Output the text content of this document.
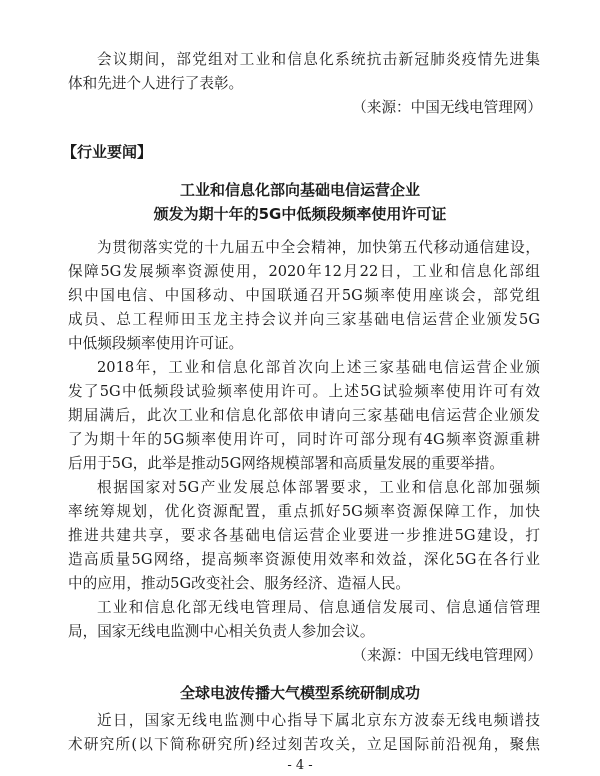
会议期间，部党组对工业和信息化系统抗击新冠肺炎疫情先进集
体和先进个人进行了表彰。
（来源：中国无线电管理网）
【行业要闻】
工业和信息化部向基础电信运营企业
颁发为期十年的5G中低频段频率使用许可证
为贯彻落实党的十九届五中全会精神，加快第五代移动通信建设，
保障5G发展频率资源使用，2020年12月22日，工业和信息化部组
织中国电信、中国移动、中国联通召开5G频率使用座谈会，部党组
成员、总工程师田玉龙主持会议并向三家基础电信运营企业颁发5G
中低频段频率使用许可证。
2018年，工业和信息化部首次向上述三家基础电信运营企业颁
发了5G中低频段试验频率使用许可。上述5G试验频率使用许可有效
期届满后，此次工业和信息化部依申请向三家基础电信运营企业颁发
了为期十年的5G频率使用许可，同时许可部分现有4G频率资源重耕
后用于5G，此举是推动5G网络规模部署和高质量发展的重要举措。
根据国家对5G产业发展总体部署要求，工业和信息化部加强频
率统筹规划，优化资源配置，重点抓好5G频率资源保障工作，加快
推进共建共享，要求各基础电信运营企业要进一步推进5G建设，打
造高质量5G网络，提高频率资源使用效率和效益，深化5G在各行业
中的应用，推动5G改变社会、服务经济、造福人民。
工业和信息化部无线电管理局、信息通信发展司、信息通信管理
局，国家无线电监测中心相关负责人参加会议。
（来源：中国无线电管理网）
全球电波传播大气模型系统研制成功
近日，国家无线电监测中心指导下属北京东方波泰无线电频谱技
术研究所(以下简称研究所)经过刻苦攻关，立足国际前沿视角，聚焦
- 4 -
